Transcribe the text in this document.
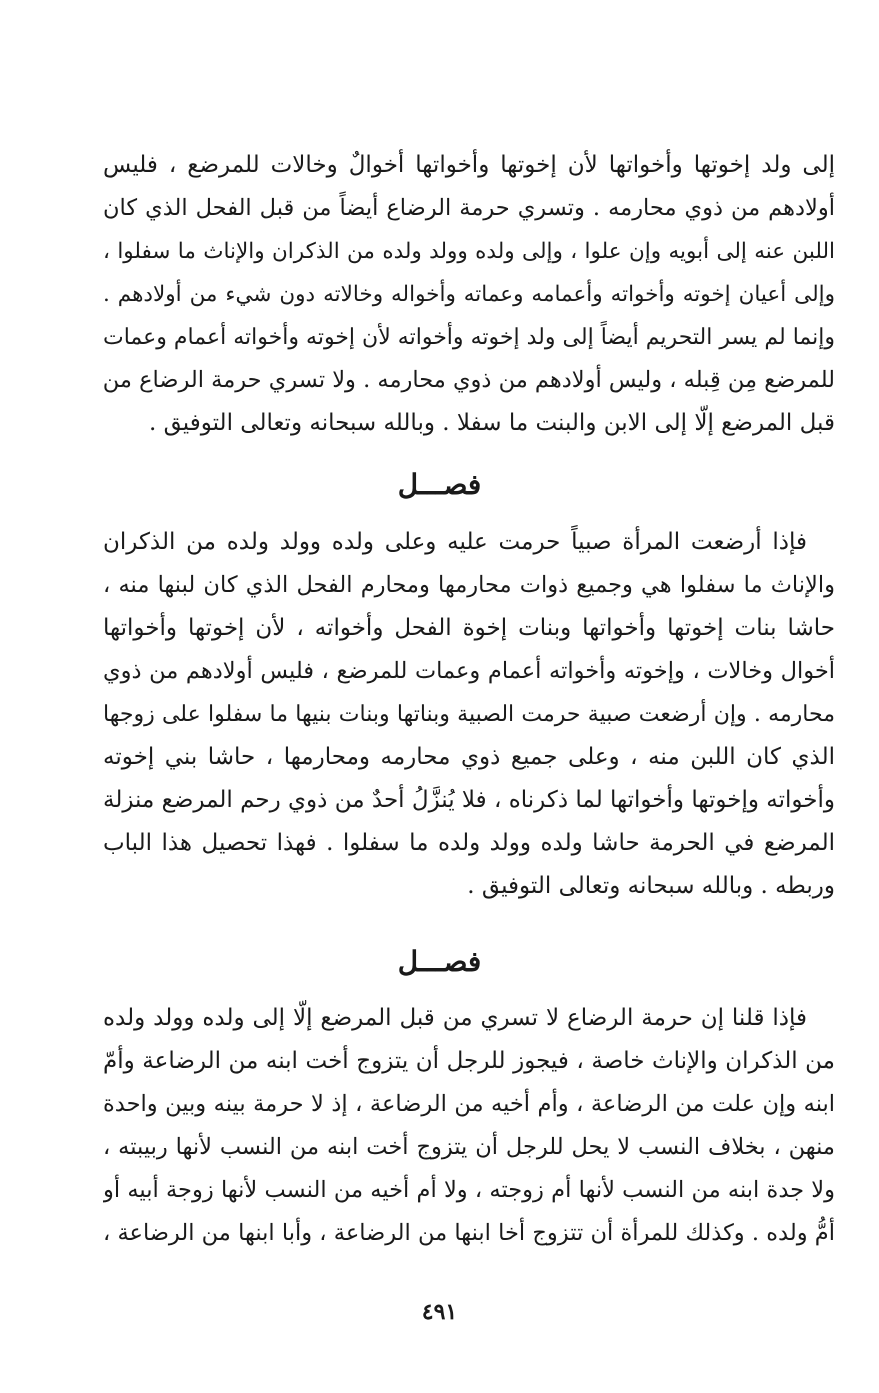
إلى ولد إخوتها وأخواتها لأن إخوتها وأخواتها أخوالٌ وخالات للمرضع ، فليس
أولادهم من ذوي محارمه . وتسري حرمة الرضاع أيضاً من قبل الفحل الذي كان
اللبن عنه إلى أبويه وإن علوا ، وإلى ولده وولد ولده من الذكران والإناث ما سفلوا ،
وإلى أعيان إخوته وأخواته وأعمامه وعماته وأخواله وخالاته دون شيء من أولادهم .
وإنما لم يسر التحريم أيضاً إلى ولد إخوته وأخواته لأن إخوته وأخواته أعمام وعمات
للمرضع مِن قِبله ، وليس أولادهم من ذوي محارمه . ولا تسري حرمة الرضاع من
قبل المرضع إلّا إلى الابن والبنت ما سفلا . وبالله سبحانه وتعالى التوفيق .
فصـــل
فإذا أرضعت المرأة صبياً حرمت عليه وعلى ولده وولد ولده من الذكران
والإناث ما سفلوا هي وجميع ذوات محارمها ومحارم الفحل الذي كان لبنها منه ،
حاشا بنات إخوتها وأخواتها وبنات إخوة الفحل وأخواته ، لأن إخوتها وأخواتها
أخوال وخالات ، وإخوته وأخواته أعمام وعمات للمرضع ، فليس أولادهم من ذوي
محارمه . وإن أرضعت صبية حرمت الصبية وبناتها وبنات بنيها ما سفلوا على زوجها
الذي كان اللبن منه ، وعلى جميع ذوي محارمه ومحارمها ، حاشا بني إخوته
وأخواته وإخوتها وأخواتها لما ذكرناه ، فلا يُنزَّلُ أحدٌ من ذوي رحم المرضع منزلة
المرضع في الحرمة حاشا ولده وولد ولده ما سفلوا . فهذا تحصيل هذا الباب
وربطه . وبالله سبحانه وتعالى التوفيق .
فصـــل
فإذا قلنا إن حرمة الرضاع لا تسري من قبل المرضع إلّا إلى ولده وولد ولده
من الذكران والإناث خاصة ، فيجوز للرجل أن يتزوج أخت ابنه من الرضاعة وأمّ
ابنه وإن علت من الرضاعة ، وأم أخيه من الرضاعة ، إذ لا حرمة بينه وبين واحدة
منهن ، بخلاف النسب لا يحل للرجل أن يتزوج أخت ابنه من النسب لأنها ربيبته ،
ولا جدة ابنه من النسب لأنها أم زوجته ، ولا أم أخيه من النسب لأنها زوجة أبيه أو
أمُّ ولده . وكذلك للمرأة أن تتزوج أخا ابنها من الرضاعة ، وأبا ابنها من الرضاعة ،
٤٩١
